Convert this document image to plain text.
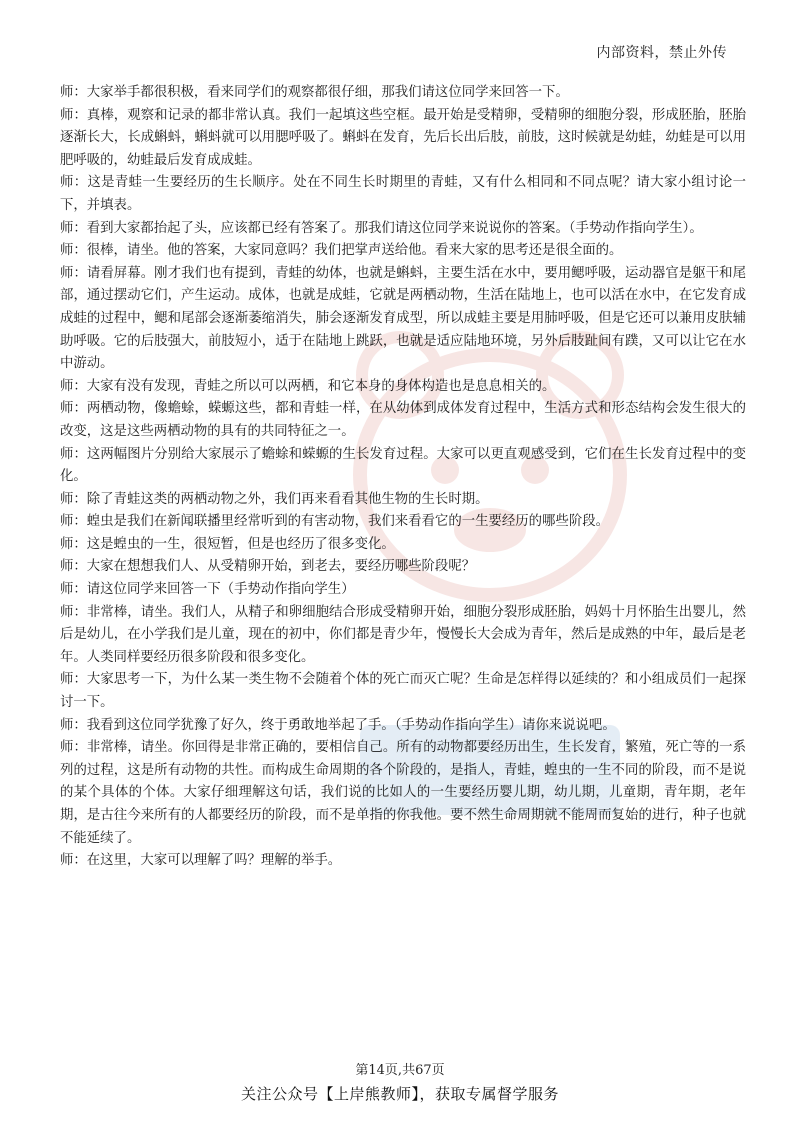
内部资料，禁止外传

师：大家举手都很积极，看来同学们的观察都很仔细，那我们请这位同学来回答一下。

师：真棒，观察和记录的都非常认真。我们一起填这些空框。最开始是受精卵，受精卵的细胞分裂，形成胚胎，胚胎逐渐长大，长成蝌蚪，蝌蚪就可以用腮呼吸了。蝌蚪在发育，先后长出后肢，前肢，这时候就是幼蛙，幼蛙是可以用肥呼吸的，幼蛙最后发育成成蛙。

师：这是青蛙一生要经历的生长顺序。处在不同生长时期里的青蛙，又有什么相同和不同点呢？请大家小组讨论一下，并填表。

师：看到大家都抬起了头，应该都已经有答案了。那我们请这位同学来说说你的答案。（手势动作指向学生）。

师：很棒，请坐。他的答案，大家同意吗？我们把掌声送给他。看来大家的思考还是很全面的。

师：请看屏幕。刚才我们也有提到，青蛙的幼体，也就是蝌蚪，主要生活在水中，要用鳃呼吸，运动器官是躯干和尾部，通过摆动它们，产生运动。成体，也就是成蛙，它就是两栖动物，生活在陆地上，也可以活在水中，在它发育成成蛙的过程中，鳃和尾部会逐渐萎缩消失，肺会逐渐发育成型，所以成蛙主要是用肺呼吸，但是它还可以兼用皮肤辅助呼吸。它的后肢强大，前肢短小，适于在陆地上跳跃，也就是适应陆地环境，另外后肢趾间有蹼，又可以让它在水中游动。

师：大家有没有发现，青蛙之所以可以两栖，和它本身的身体构造也是息息相关的。

师：两栖动物，像蟾蜍，蝾螈这些，都和青蛙一样，在从幼体到成体发育过程中，生活方式和形态结构会发生很大的改变，这是这些两栖动物的具有的共同特征之一。

师：这两幅图片分别给大家展示了蟾蜍和蝾螈的生长发育过程。大家可以更直观感受到，它们在生长发育过程中的变化。

师：除了青蛙这类的两栖动物之外，我们再来看看其他生物的生长时期。

师：蝗虫是我们在新闻联播里经常听到的有害动物，我们来看看它的一生要经历的哪些阶段。

师：这是蝗虫的一生，很短暂，但是也经历了很多变化。

师：大家在想想我们人、从受精卵开始，到老去，要经历哪些阶段呢？

师：请这位同学来回答一下（手势动作指向学生）

师：非常棒，请坐。我们人，从精子和卵细胞结合形成受精卵开始，细胞分裂形成胚胎，妈妈十月怀胎生出婴儿，然后是幼儿，在小学我们是儿童，现在的初中，你们都是青少年，慢慢长大会成为青年，然后是成熟的中年，最后是老年。人类同样要经历很多阶段和很多变化。

师：大家思考一下，为什么某一类生物不会随着个体的死亡而灭亡呢？生命是怎样得以延续的？和小组成员们一起探讨一下。

师：我看到这位同学犹豫了好久，终于勇敢地举起了手。（手势动作指向学生）请你来说说吧。

师：非常棒，请坐。你回得是非常正确的，要相信自己。所有的动物都要经历出生，生长发育，繁殖，死亡等的一系列的过程，这是所有动物的共性。而构成生命周期的各个阶段的，是指人，青蛙，蝗虫的一生不同的阶段，而不是说的某个具体的个体。大家仔细理解这句话，我们说的比如人的一生要经历婴儿期，幼儿期，儿童期，青年期，老年期，是古往今来所有的人都要经历的阶段，而不是单指的你我他。要不然生命周期就不能周而复始的进行，种子也就不能延续了。

师：在这里，大家可以理解了吗？理解的举手。

第14页,共67页
关注公众号【上岸熊教师】，获取专属督学服务
